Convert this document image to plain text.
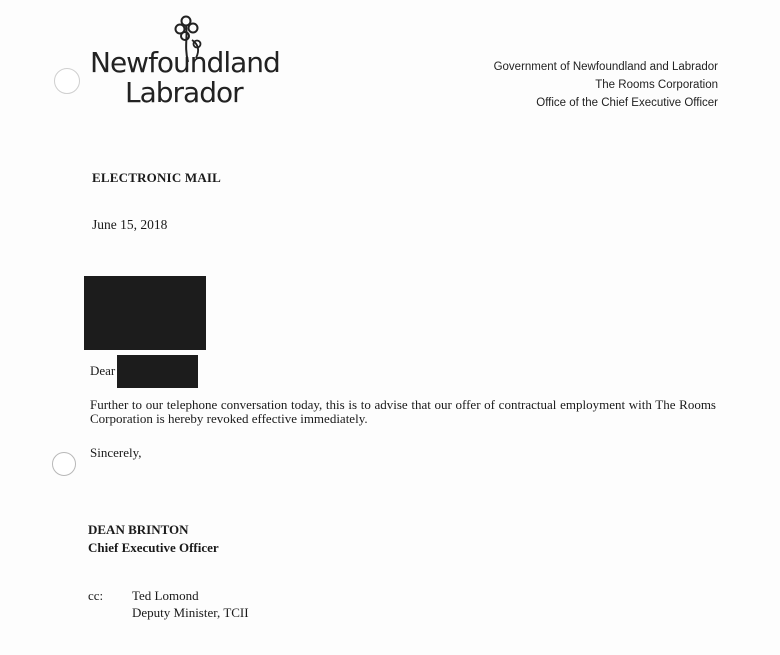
Newfoundland
Labrador
Government of Newfoundland and Labrador
The Rooms Corporation
Office of the Chief Executive Officer
ELECTRONIC MAIL
June 15, 2018
Dear
Further to our telephone conversation today, this is to advise that our offer of contractual employment with The Rooms Corporation is hereby revoked effective immediately.
Sincerely,
DEAN BRINTON
Chief Executive Officer
cc: Ted Lomond
Deputy Minister, TCII
